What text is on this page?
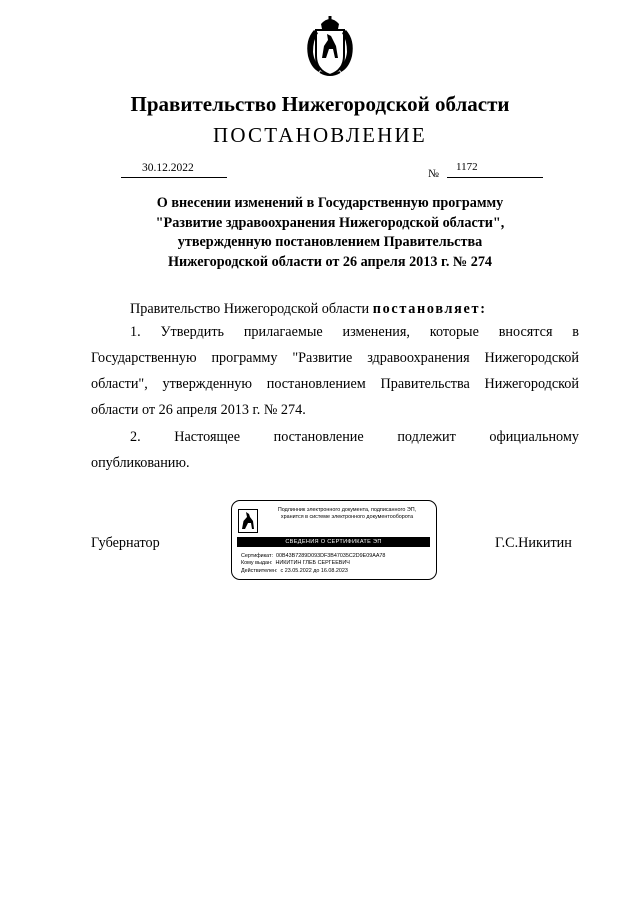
Правительство Нижегородской области
ПОСТАНОВЛЕНИЕ
30.12.2022	№
1172
О внесении изменений в Государственную программу
"Развитие здравоохранения Нижегородской области",
утвержденную постановлением Правительства
Нижегородской области от 26 апреля 2013 г. № 274
Правительство Нижегородской области постановляет:
1. Утвердить прилагаемые изменения, которые вносятся в Государственную программу "Развитие здравоохранения Нижегородской области", утвержденную постановлением Правительства Нижегородской области от 26 апреля 2013 г. № 274.
2. Настоящее постановление подлежит официальному
опубликованию.
Губернатор	Г.С.Никитин
Подлинник электронного документа, подписанного ЭП,
хранится в системе электронного документооборота
СВЕДЕНИЯ О СЕРТИФИКАТЕ ЭП
Сертификат: 00B43B7289D093DF3B47035C2D9E09AA78
Кому выдан: НИКИТИН ГЛЕБ СЕРГЕЕВИЧ
Действителен: с 23.05.2022 до 16.08.2023
